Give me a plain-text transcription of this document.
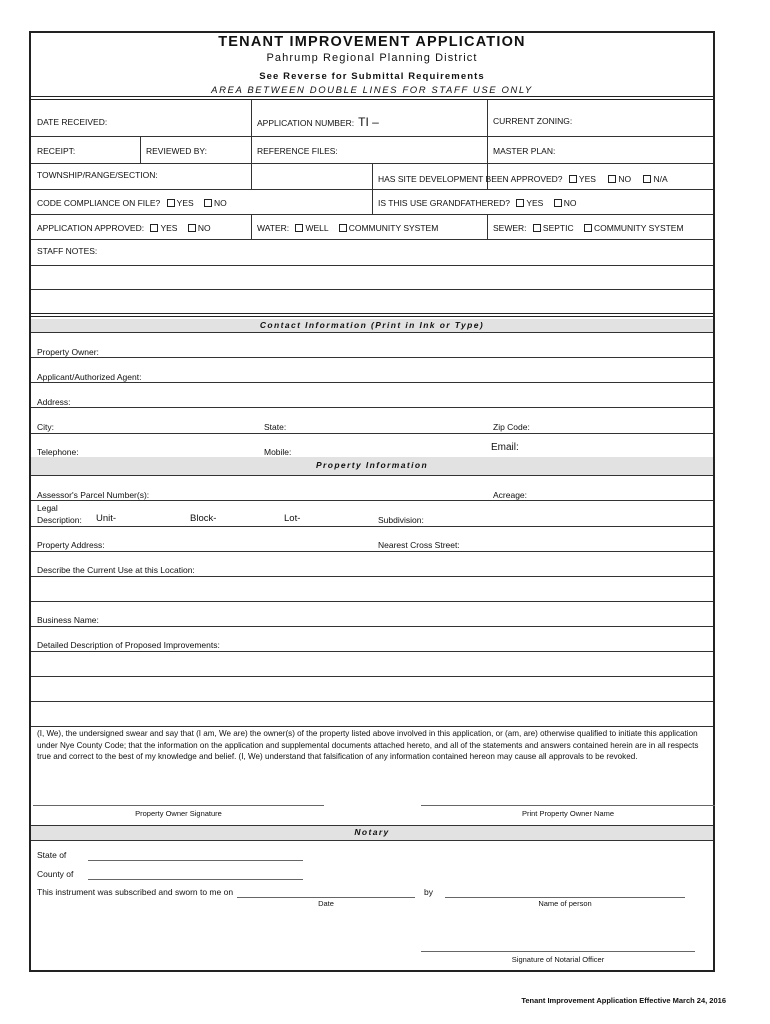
TENANT IMPROVEMENT APPLICATION
Pahrump Regional Planning District
See Reverse for Submittal Requirements
AREA BETWEEN DOUBLE LINES FOR STAFF USE ONLY
DATE RECEIVED:	APPLICATION NUMBER: TI –	CURRENT ZONING:
RECEIPT:	REVIEWED BY:	REFERENCE FILES:	MASTER PLAN:
TOWNSHIP/RANGE/SECTION:	HAS SITE DEVELOPMENT BEEN APPROVED? YES	NO	N/A
CODE COMPLIANCE ON FILE? YES NO	IS THIS USE GRANDFATHERED? YES NO
APPLICATION APPROVED: YES NO	WATER: WELL COMMUNITY SYSTEM	SEWER: SEPTIC COMMUNITY SYSTEM
STAFF NOTES:
Contact Information (Print in Ink or Type)
Property Owner:
Applicant/Authorized Agent:
Address:
City:	State:	Zip Code:
Telephone:	Mobile:	Email:
Property Information
Assessor's Parcel Number(s):	Acreage:
Legal
Description: Unit-	Block-	Lot-	Subdivision:
Property Address:	Nearest Cross Street:
Describe the Current Use at this Location:
Business Name:
Detailed Description of Proposed Improvements:
(I, We), the undersigned swear and say that (I am, We are) the owner(s) of the property listed above involved in this application, or (am, are) otherwise qualified to initiate this application under Nye County Code; that the information on the application and supplemental documents attached hereto, and all of the statements and answers contained herein are in all respects true and correct to the best of my knowledge and belief. (I, We) understand that falsification of any information contained hereon may cause all approvals to be revoked.
Property Owner Signature	Print Property Owner Name
Notary
State of
County of
This instrument was subscribed and sworn to me on
Date
by
Name of person
Signature of Notarial Officer
Tenant Improvement Application Effective March 24, 2016
